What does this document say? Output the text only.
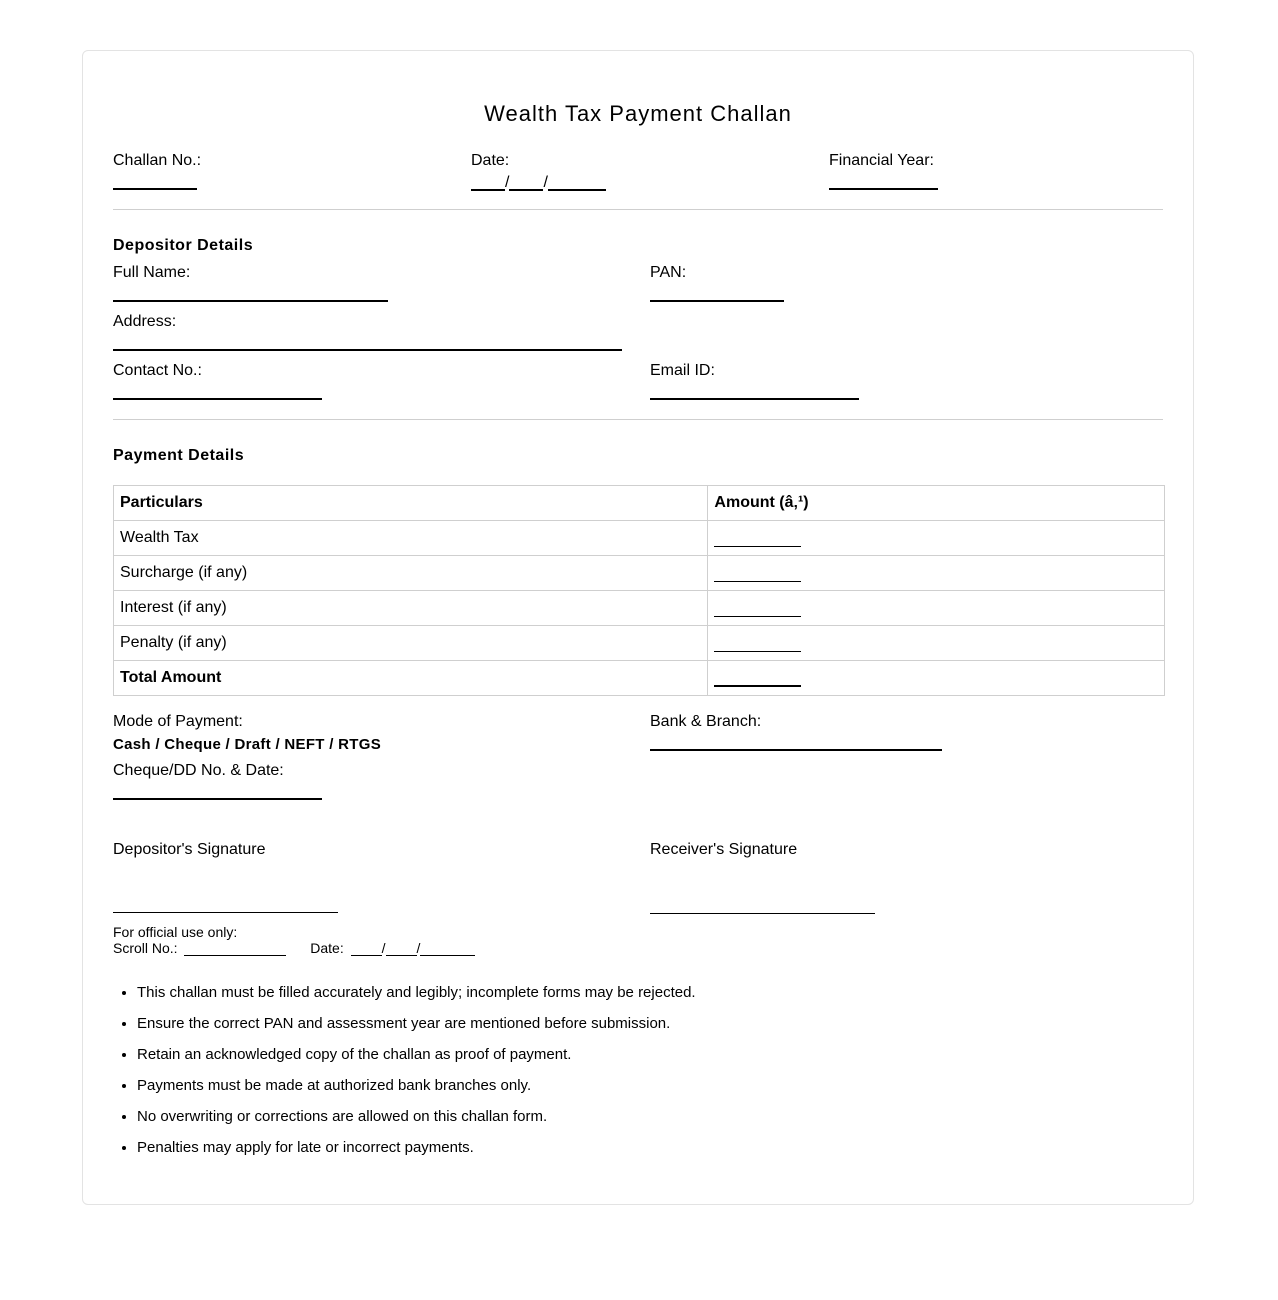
Wealth Tax Payment Challan
Challan No.:	Date:
/ /
Financial Year:
Depositor Details
Full Name:	PAN:
Address:
Contact No.:	Email ID:
Payment Details
Particulars	Amount (â‚¹)
Wealth Tax	
Surcharge (if any)	
Interest (if any)	
Penalty (if any)	
Total Amount	
Mode of Payment:
Cash / Cheque / Draft / NEFT / RTGS
Bank & Branch:
Cheque/DD No. & Date:
Depositor's Signature	Receiver's Signature
For official use only:
Scroll No.:	Date:	/ /
• This challan must be filled accurately and legibly; incomplete forms may be rejected.
• Ensure the correct PAN and assessment year are mentioned before submission.
• Retain an acknowledged copy of the challan as proof of payment.
• Payments must be made at authorized bank branches only.
• No overwriting or corrections are allowed on this challan form.
• Penalties may apply for late or incorrect payments.
